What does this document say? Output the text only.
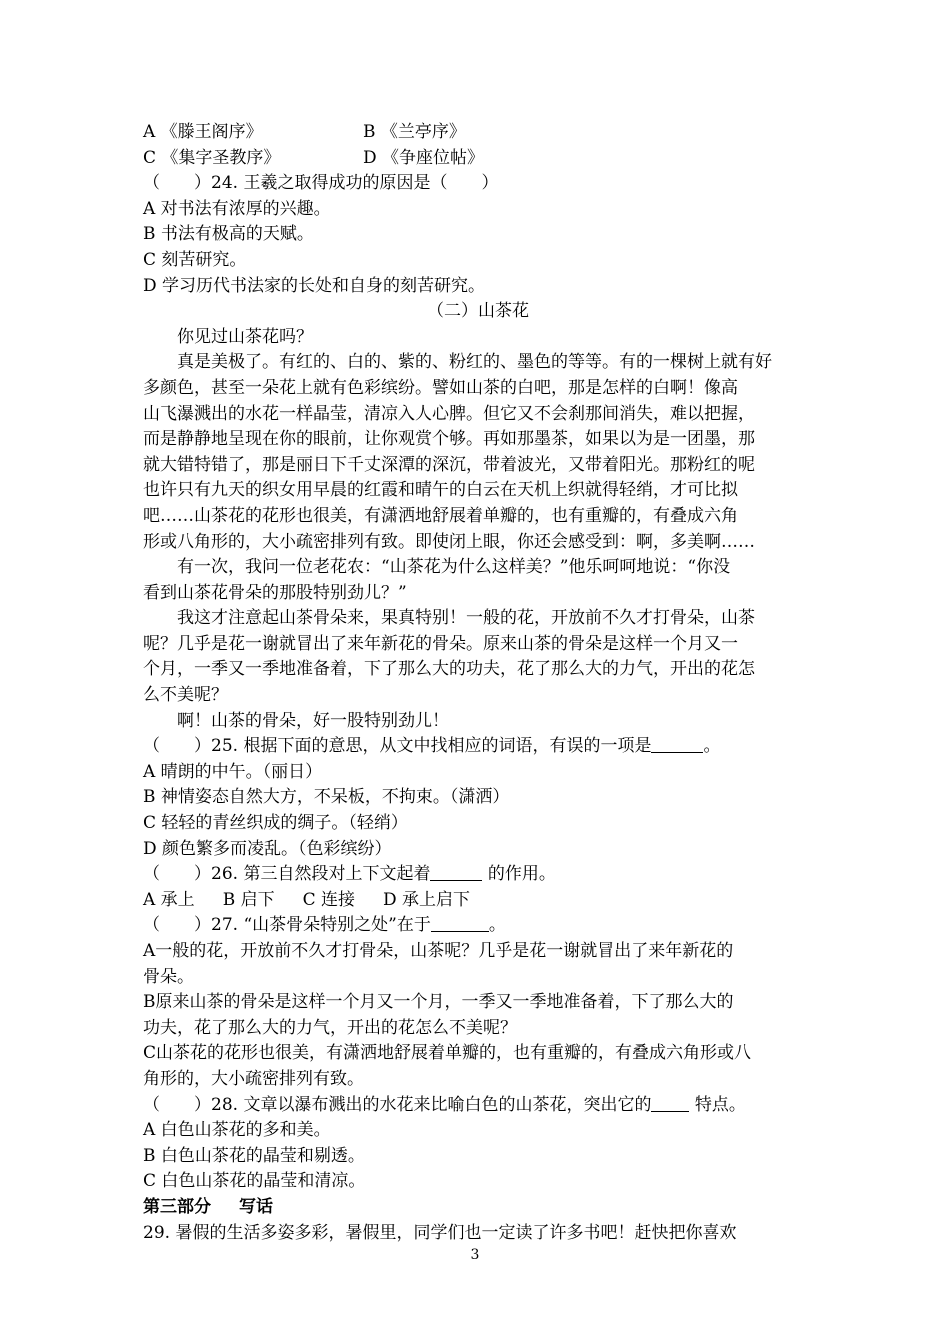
A 《滕王阁序》	B 《兰亭序》
C 《集字圣教序》	D 《争座位帖》
（　　）24. 王羲之取得成功的原因是（　　）
A 对书法有浓厚的兴趣。
B 书法有极高的天赋。
C 刻苦研究。
D 学习历代书法家的长处和自身的刻苦研究。
（二）山茶花
你见过山茶花吗？
真是美极了。有红的、白的、紫的、粉红的、墨色的等等。有的一棵树上就有好
多颜色，甚至一朵花上就有色彩缤纷。譬如山茶的白吧，那是怎样的白啊！像高
山飞瀑溅出的水花一样晶莹，清凉入人心脾。但它又不会刹那间消失，难以把握，
而是静静地呈现在你的眼前，让你观赏个够。再如那墨茶，如果以为是一团墨，那
就大错特错了，那是丽日下千丈深潭的深沉，带着波光，又带着阳光。那粉红的呢
也许只有九天的织女用早晨的红霞和晴午的白云在天机上织就得轻绡，才可比拟
吧……山茶花的花形也很美，有潇洒地舒展着单瓣的，也有重瓣的，有叠成六角
形或八角形的，大小疏密排列有致。即使闭上眼，你还会感受到：啊，多美啊……
有一次，我问一位老花农：“山茶花为什么这样美？”他乐呵呵地说：“你没
看到山茶花骨朵的那股特别劲儿？”
我这才注意起山茶骨朵来，果真特别！一般的花，开放前不久才打骨朵，山茶
呢？几乎是花一谢就冒出了来年新花的骨朵。原来山茶的骨朵是这样一个月又一
个月，一季又一季地准备着，下了那么大的功夫，花了那么大的力气，开出的花怎
么不美呢？
啊！山茶的骨朵，好一股特别劲儿！
（　　）25. 根据下面的意思，从文中找相应的词语，有误的一项是	。
A 晴朗的中午。（丽日）
B 神情姿态自然大方，不呆板，不拘束。（潇洒）
C 轻轻的青丝织成的绸子。（轻绡）
D 颜色繁多而凌乱。（色彩缤纷）
（　　）26. 第三自然段对上下文起着	的作用。
A 承上 B 启下 C 连接 D 承上启下
（　　）27. “山茶骨朵特别之处”在于	。
A一般的花，开放前不久才打骨朵，山茶呢？几乎是花一谢就冒出了来年新花的
骨朵。
B原来山茶的骨朵是这样一个月又一个月，一季又一季地准备着，下了那么大的
功夫，花了那么大的力气，开出的花怎么不美呢？
C山茶花的花形也很美，有潇洒地舒展着单瓣的，也有重瓣的，有叠成六角形或八
角形的，大小疏密排列有致。
（　　）28. 文章以瀑布溅出的水花来比喻白色的山茶花，突出它的 特点。
A 白色山茶花的多和美。
B 白色山茶花的晶莹和剔透。
C 白色山茶花的晶莹和清凉。
第三部分 写话
29. 暑假的生活多姿多彩，暑假里，同学们也一定读了许多书吧！赶快把你喜欢
3
